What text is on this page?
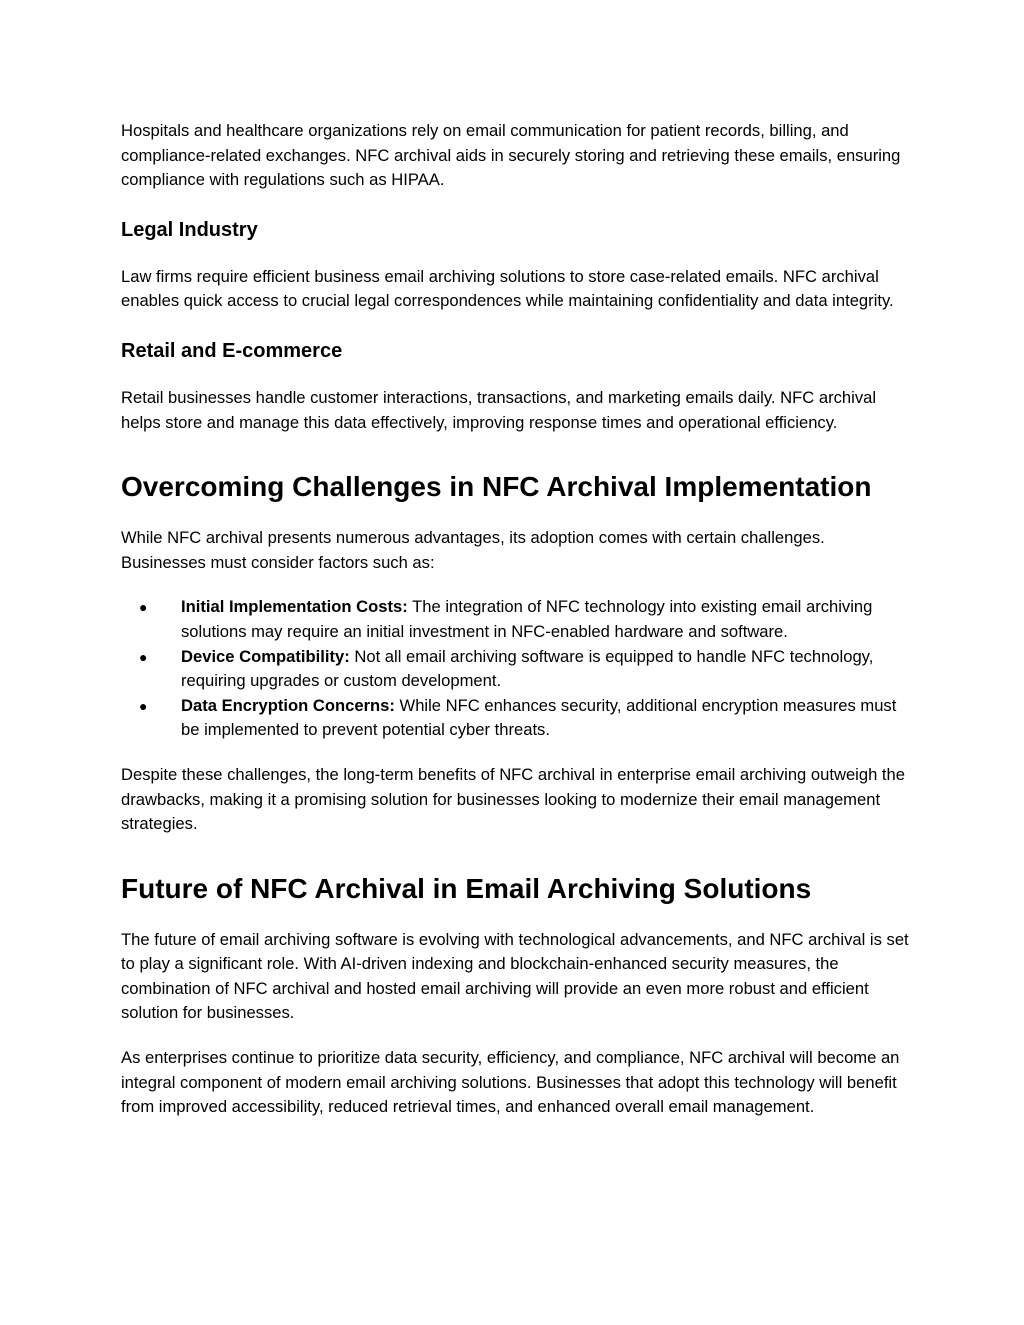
Hospitals and healthcare organizations rely on email communication for patient records, billing, and compliance-related exchanges. NFC archival aids in securely storing and retrieving these emails, ensuring compliance with regulations such as HIPAA.

Legal Industry

Law firms require efficient business email archiving solutions to store case-related emails. NFC archival enables quick access to crucial legal correspondences while maintaining confidentiality and data integrity.

Retail and E-commerce

Retail businesses handle customer interactions, transactions, and marketing emails daily. NFC archival helps store and manage this data effectively, improving response times and operational efficiency.

Overcoming Challenges in NFC Archival Implementation

While NFC archival presents numerous advantages, its adoption comes with certain challenges. Businesses must consider factors such as:

● Initial Implementation Costs: The integration of NFC technology into existing email archiving solutions may require an initial investment in NFC-enabled hardware and software.
● Device Compatibility: Not all email archiving software is equipped to handle NFC technology, requiring upgrades or custom development.
● Data Encryption Concerns: While NFC enhances security, additional encryption measures must be implemented to prevent potential cyber threats.

Despite these challenges, the long-term benefits of NFC archival in enterprise email archiving outweigh the drawbacks, making it a promising solution for businesses looking to modernize their email management strategies.

Future of NFC Archival in Email Archiving Solutions

The future of email archiving software is evolving with technological advancements, and NFC archival is set to play a significant role. With AI-driven indexing and blockchain-enhanced security measures, the combination of NFC archival and hosted email archiving will provide an even more robust and efficient solution for businesses.

As enterprises continue to prioritize data security, efficiency, and compliance, NFC archival will become an integral component of modern email archiving solutions. Businesses that adopt this technology will benefit from improved accessibility, reduced retrieval times, and enhanced overall email management.
